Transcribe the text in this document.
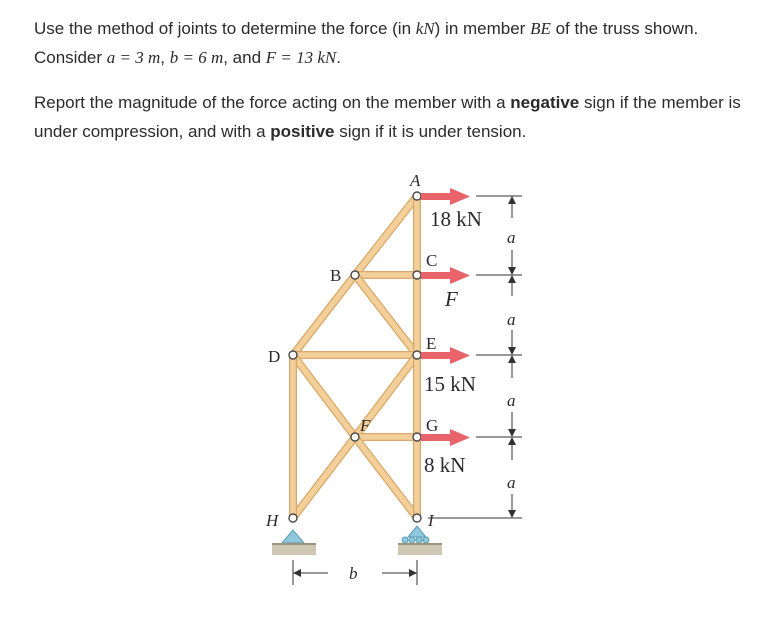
Use the method of joints to determine the force (in kN) in member BE of the truss shown. Consider a = 3 m, b = 6 m, and F = 13 kN.

Report the magnitude of the force acting on the member with a negative sign if the member is under compression, and with a positive sign if it is under tension.

18 kN
F
15 kN
8 kN
A
B
C
D
E
F	G
H	I
a
a
a
a
b
